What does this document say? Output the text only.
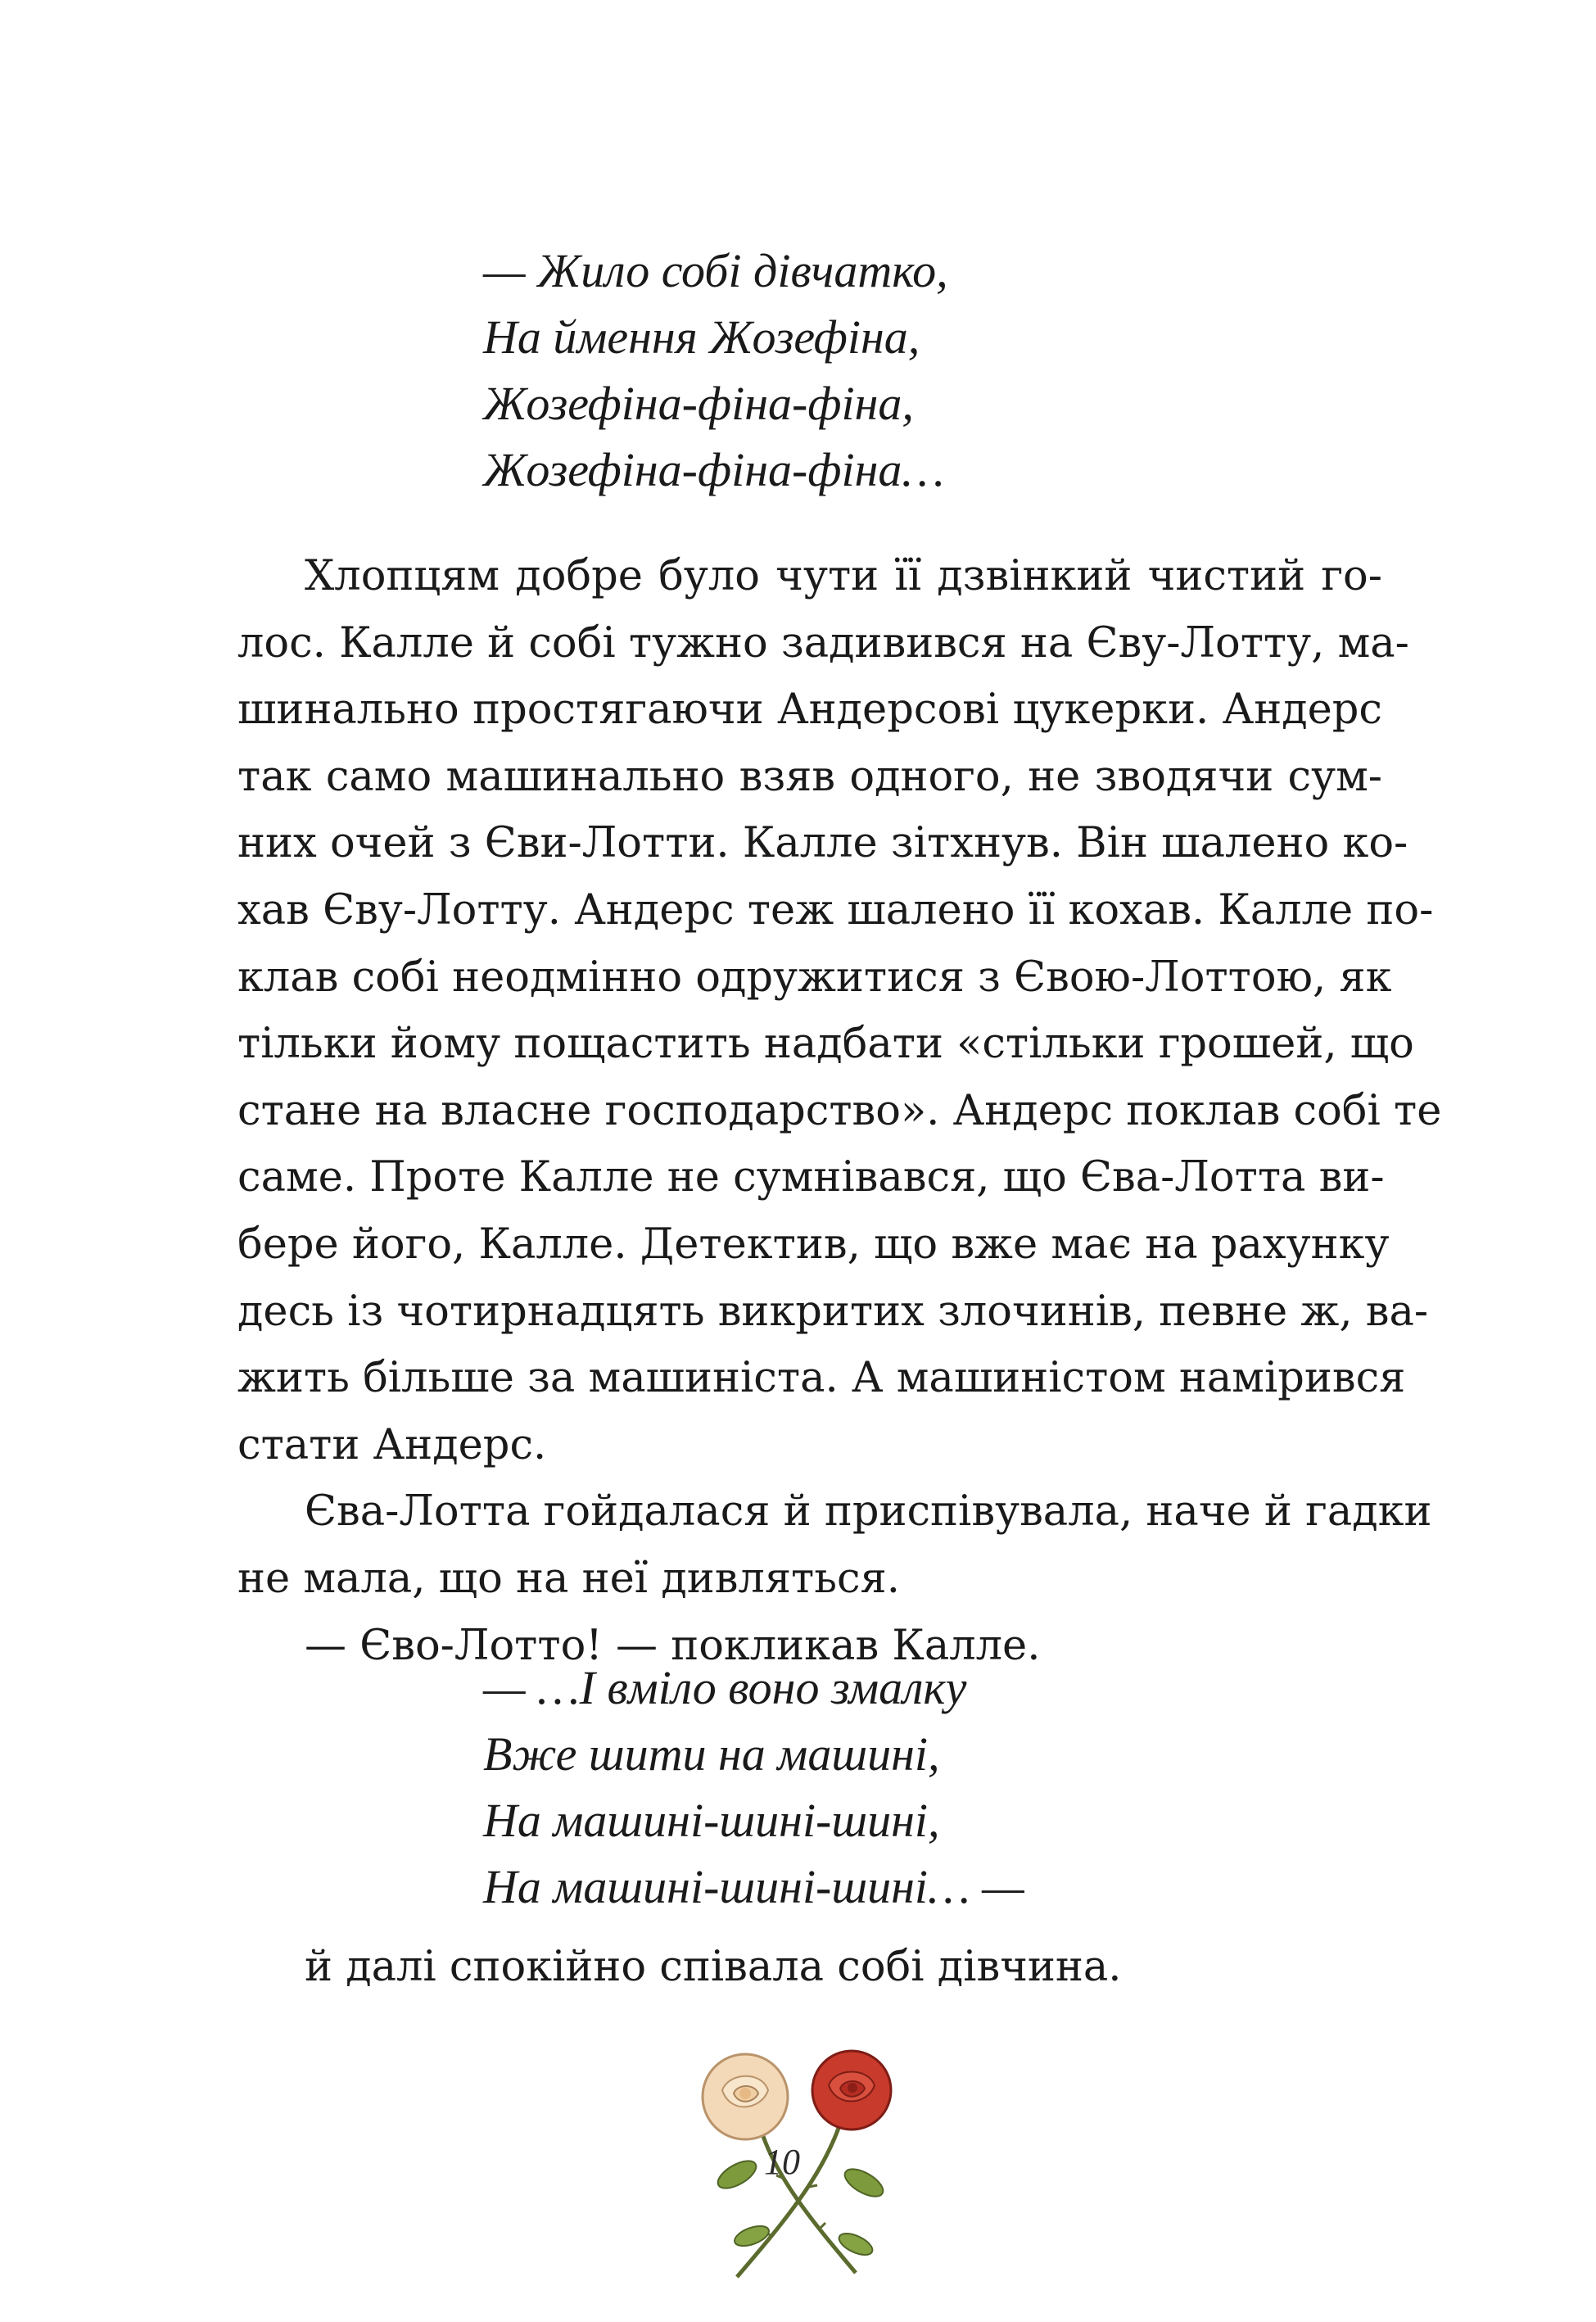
— Жило собі дівчатко,
На ймення Жозефіна,
Жозефіна-фіна-фіна,
Жозефіна-фіна-фіна…
Хлопцям добре було чути її дзвінкий чистий го-
лос. Калле й собі тужно задивився на Єву-Лотту, ма-
шинально простягаючи Андерсові цукерки. Андерс
так само машинально взяв одного, не зводячи сум-
них очей з Єви-Лотти. Калле зітхнув. Він шалено ко-
хав Єву-Лотту. Андерс теж шалено її кохав. Калле по-
клав собі неодмінно одружитися з Євою-Лоттою, як
тільки йому пощастить надбати «стільки грошей, що
стане на власне господарство». Андерс поклав собі те
саме. Проте Калле не сумнівався, що Єва-Лотта ви-
бере його, Калле. Детектив, що вже має на рахунку
десь із чотирнадцять викритих злочинів, певне ж, ва-
жить більше за машиніста. А машиністом намірився
стати Андерс.
Єва-Лотта гойдалася й приспівувала, наче й гадки
не мала, що на неї дивляться.
— Єво-Лотто! — покликав Калле.
— …І вміло воно змалку
Вже шити на машині,
На машині-шині-шині,
На машині-шині-шині… —
й далі спокійно співала собі дівчина.
10
